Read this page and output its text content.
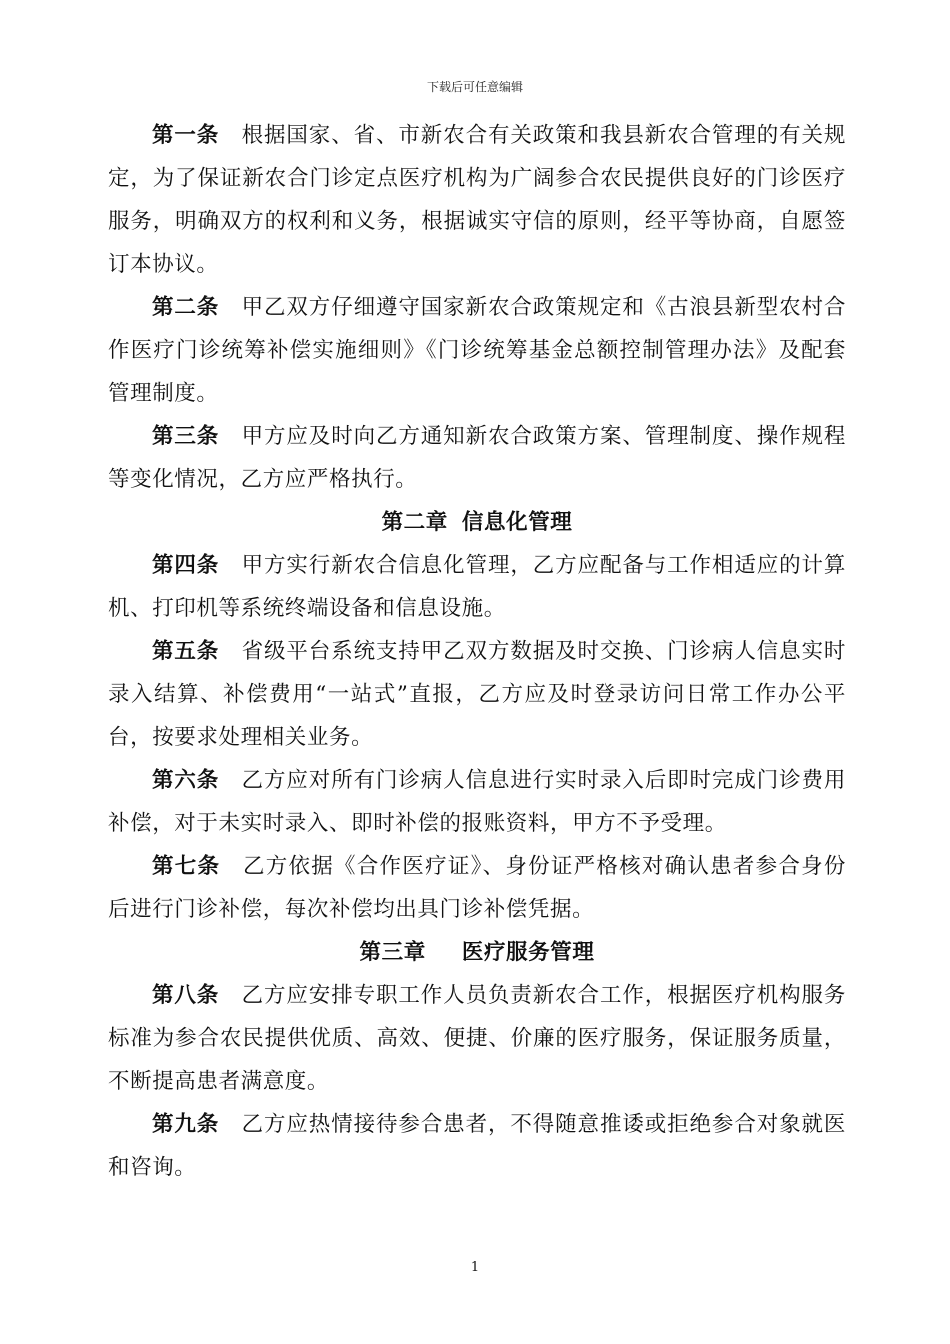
下载后可任意编辑

第一条  根据国家、省、市新农合有关政策和我县新农合管理的有关规定，为了保证新农合门诊定点医疗机构为广阔参合农民提供良好的门诊医疗服务，明确双方的权利和义务，根据诚实守信的原则，经平等协商，自愿签订本协议。

第二条  甲乙双方仔细遵守国家新农合政策规定和《古浪县新型农村合作医疗门诊统筹补偿实施细则》《门诊统筹基金总额控制管理办法》及配套管理制度。

第三条  甲方应及时向乙方通知新农合政策方案、管理制度、操作规程等变化情况，乙方应严格执行。

第二章 信息化管理

第四条  甲方实行新农合信息化管理，乙方应配备与工作相适应的计算机、打印机等系统终端设备和信息设施。

第五条  省级平台系统支持甲乙双方数据及时交换、门诊病人信息实时录入结算、补偿费用“一站式”直报，乙方应及时登录访问日常工作办公平台，按要求处理相关业务。

第六条  乙方应对所有门诊病人信息进行实时录入后即时完成门诊费用补偿，对于未实时录入、即时补偿的报账资料，甲方不予受理。

第七条  乙方依据《合作医疗证》、身份证严格核对确认患者参合身份后进行门诊补偿，每次补偿均出具门诊补偿凭据。

第三章 医疗服务管理

第八条  乙方应安排专职工作人员负责新农合工作，根据医疗机构服务标准为参合农民提供优质、高效、便捷、价廉的医疗服务，保证服务质量，不断提高患者满意度。

第九条  乙方应热情接待参合患者，不得随意推诿或拒绝参合对象就医和咨询。

1
